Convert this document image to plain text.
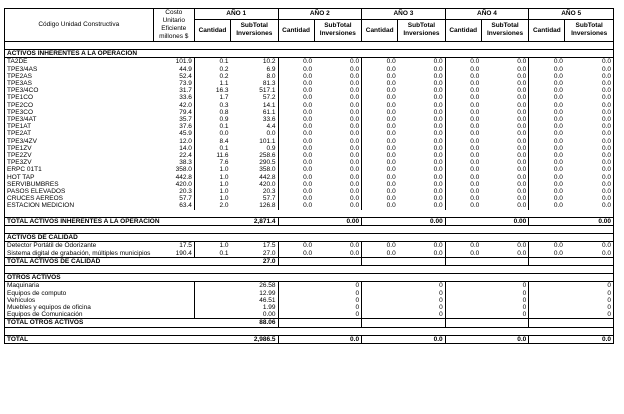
Código Unidad Constructiva	Costo Unitario Eficiente millones $	AÑO 1		AÑO 2		AÑO 3		AÑO 4		AÑO 5	
		Cantidad	SubTotal Inversiones	Cantidad	SubTotal Inversiones	Cantidad	SubTotal Inversiones	Cantidad	SubTotal Inversiones	Cantidad	SubTotal Inversiones

ACTIVOS INHERENTES A LA OPERACIÓN											
TA2DE	101.9	0.1	10.2	0.0	0.0	0.0	0.0	0.0	0.0	0.0	0.0
TPE3/4AS	44.9	0.2	6.9	0.0	0.0	0.0	0.0	0.0	0.0	0.0	0.0
TPE2AS	52.4	0.2	8.0	0.0	0.0	0.0	0.0	0.0	0.0	0.0	0.0
TPE3AS	73.9	1.1	81.3	0.0	0.0	0.0	0.0	0.0	0.0	0.0	0.0
TPE3/4CO	31.7	16.3	517.1	0.0	0.0	0.0	0.0	0.0	0.0	0.0	0.0
TPE1CO	33.6	1.7	57.2	0.0	0.0	0.0	0.0	0.0	0.0	0.0	0.0
TPE2CO	42.0	0.3	14.1	0.0	0.0	0.0	0.0	0.0	0.0	0.0	0.0
TPE3CO	79.4	0.8	61.1	0.0	0.0	0.0	0.0	0.0	0.0	0.0	0.0
TPE3/4AT	35.7	0.9	33.6	0.0	0.0	0.0	0.0	0.0	0.0	0.0	0.0
TPE1AT	37.6	0.1	4.4	0.0	0.0	0.0	0.0	0.0	0.0	0.0	0.0
TPE2AT	45.9	0.0	0.0	0.0	0.0	0.0	0.0	0.0	0.0	0.0	0.0
TPE3/4ZV	12.0	8.4	101.1	0.0	0.0	0.0	0.0	0.0	0.0	0.0	0.0
TPE1ZV	14.0	0.1	0.9	0.0	0.0	0.0	0.0	0.0	0.0	0.0	0.0
TPE2ZV	22.4	11.6	258.6	0.0	0.0	0.0	0.0	0.0	0.0	0.0	0.0
TPE3ZV	38.3	7.6	290.5	0.0	0.0	0.0	0.0	0.0	0.0	0.0	0.0
ERPC 01T1	358.0	1.0	358.0	0.0	0.0	0.0	0.0	0.0	0.0	0.0	0.0
HOT TAP	442.8	1.0	442.8	0.0	0.0	0.0	0.0	0.0	0.0	0.0	0.0
SERVIBUMBRES	420.0	1.0	420.0	0.0	0.0	0.0	0.0	0.0	0.0	0.0	0.0
PASOS ELEVADOS	20.3	1.0	20.3	0.0	0.0	0.0	0.0	0.0	0.0	0.0	0.0
CRUCES AEREOS	57.7	1.0	57.7	0.0	0.0	0.0	0.0	0.0	0.0	0.0	0.0
ESTACIÓN MEDICIÓN	63.4	2.0	126.8	0.0	0.0	0.0	0.0	0.0	0.0	0.0	0.0

TOTAL ACTIVOS INHERENTES A LA OPERACIÓN			2,871.4		0.00		0.00		0.00		0.00

ACTIVOS DE CALIDAD											
Detector Portátil de Odorizante	17.5	1.0	17.5	0.0	0.0	0.0	0.0	0.0	0.0	0.0	0.0
Sistema digital de grabación, múltiples municipios	190.4	0.1	27.0	0.0	0.0	0.0	0.0	0.0	0.0	0.0	0.0
TOTAL ACTIVOS DE CALIDAD			27.0								

OTROS ACTIVOS											
Maquinaria			26.58		0		0		0		0
Equipos de computo			12.99		0		0		0		0
Vehículos			46.51		0		0		0		0
Muebles y equipos de oficina			1.99		0		0		0		0
Equipos de Comunicación			0.00		0		0		0		0
TOTAL OTROS ACTIVOS			88.06								

TOTAL			2,986.5		0.0		0.0		0.0		0.0
